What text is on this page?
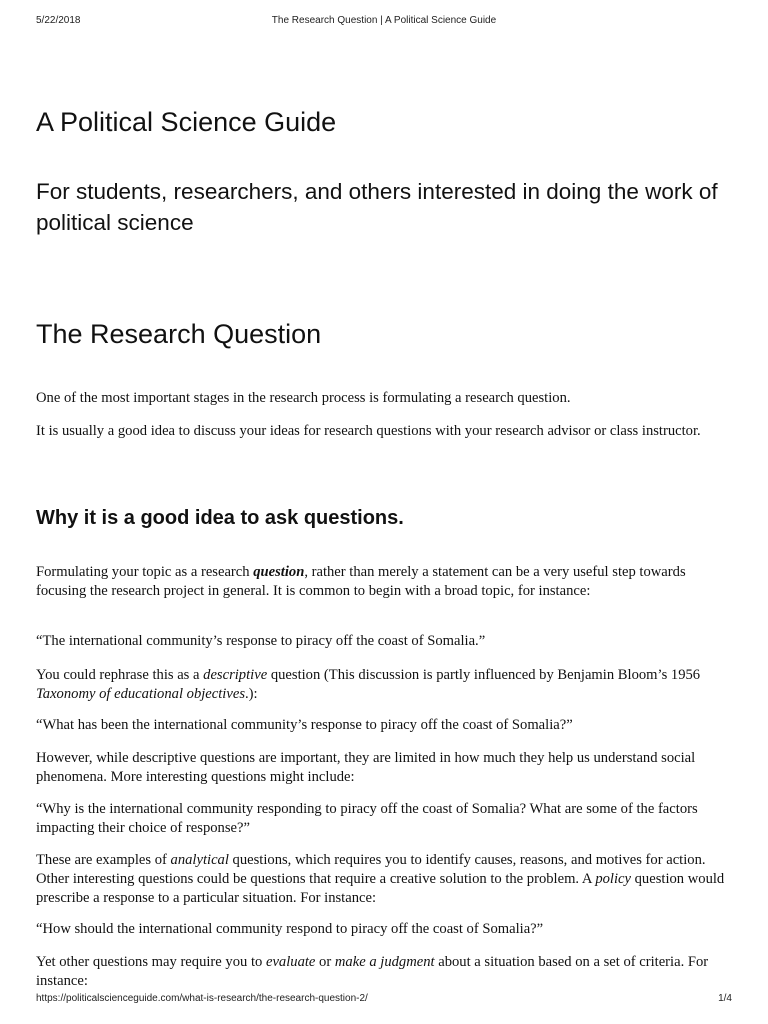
5/22/2018	The Research Question | A Political Science Guide
A Political Science Guide
For students, researchers, and others interested in doing the work of political science
The Research Question

One of the most important stages in the research process is formulating a research question.

It is usually a good idea to discuss your ideas for research questions with your research advisor or class instructor.

Why it is a good idea to ask questions.

Formulating your topic as a research question, rather than merely a statement can be a very useful step towards focusing the research project in general. It is common to begin with a broad topic, for instance:

“The international community’s response to piracy off the coast of Somalia.”

You could rephrase this as a descriptive question (This discussion is partly influenced by Benjamin Bloom’s 1956 Taxonomy of educational objectives.):

“What has been the international community’s response to piracy off the coast of Somalia?”

However, while descriptive questions are important, they are limited in how much they help us understand social phenomena. More interesting questions might include:

“Why is the international community responding to piracy off the coast of Somalia? What are some of the factors impacting their choice of response?”

These are examples of analytical questions, which requires you to identify causes, reasons, and motives for action. Other interesting questions could be questions that require a creative solution to the problem. A policy question would prescribe a response to a particular situation. For instance:

“How should the international community respond to piracy off the coast of Somalia?”

Yet other questions may require you to evaluate or make a judgment about a situation based on a set of criteria. For instance:

https://politicalscienceguide.com/what-is-research/the-research-question-2/	1/4
